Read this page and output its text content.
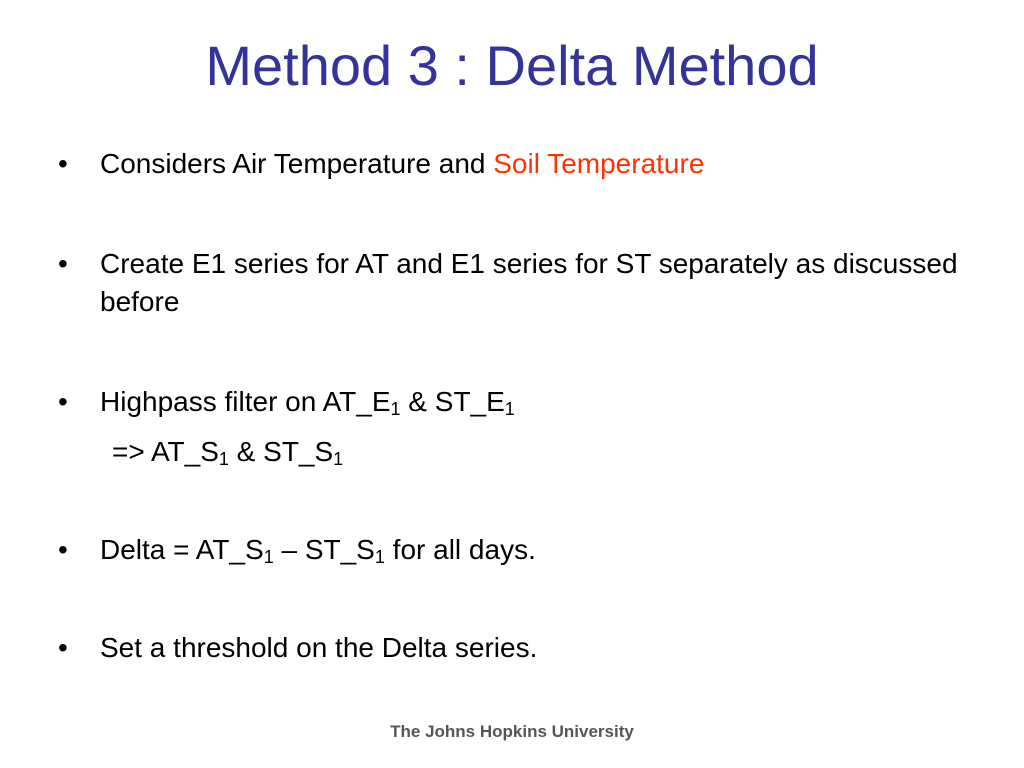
Method 3 : Delta Method
• Considers Air Temperature and Soil Temperature
• Create E1 series for AT and E1 series for ST separately as discussed before
• Highpass filter on $AT\_E_1$ & $ST\_E_1$
=> $AT\_S_1$ & $ST\_S_1$
• Delta = $AT\_S_1$ – $ST\_S_1$ for all days.
• Set a threshold on the Delta series.
The Johns Hopkins University
